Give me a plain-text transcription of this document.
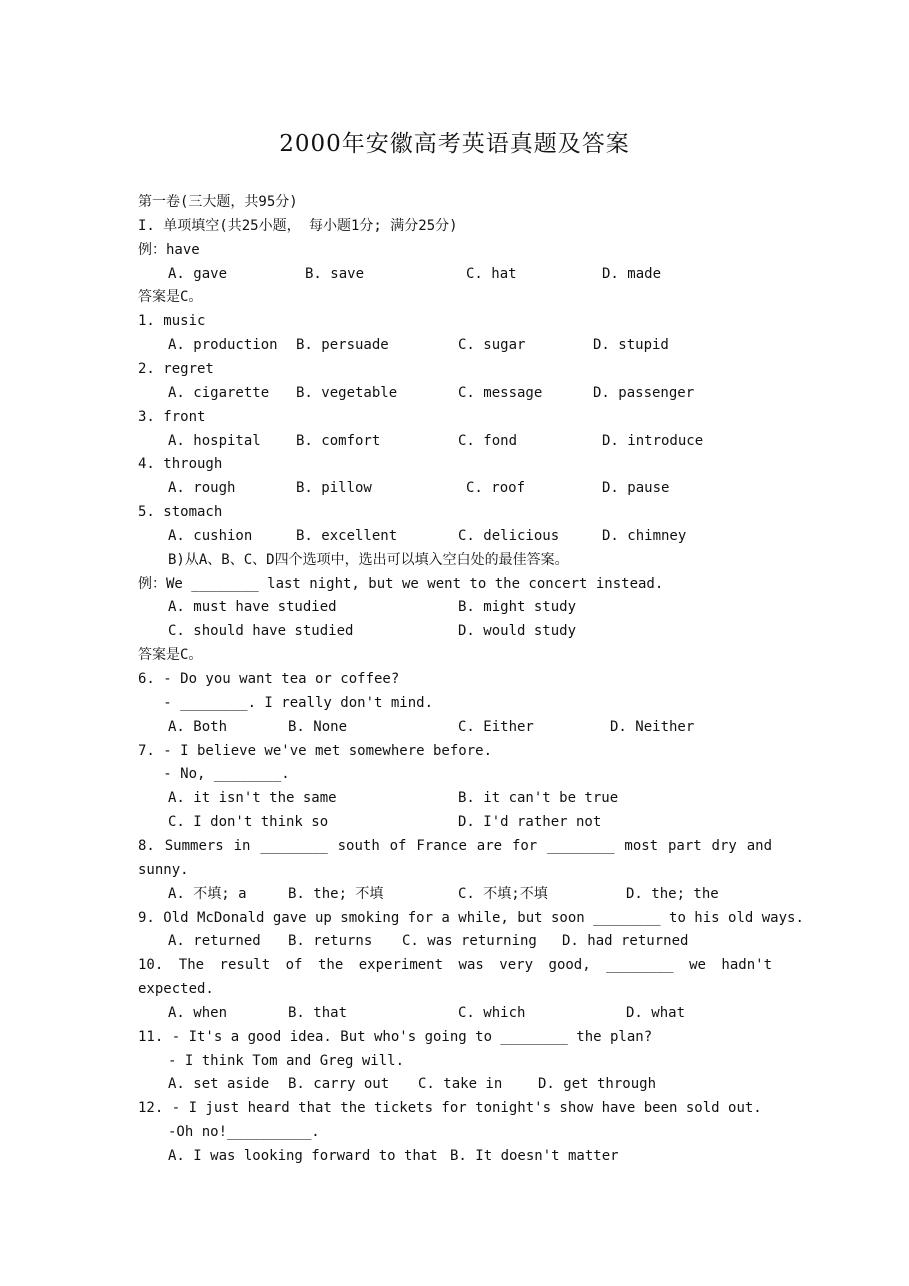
2000年安徽高考英语真题及答案
第一卷(三大题，共95分)
I. 单项填空(共25小题， 每小题1分; 满分25分)
例：have
A. gave	B. save	C. hat	D. made
答案是C。
1. music
A. production B. persuade	C. sugar	D. stupid
2. regret
A. cigarette B. vegetable	C. message	D. passenger
3. front
A. hospital	B. comfort	C. fond	D. introduce
4. through
A. rough	B. pillow	C. roof	D. pause
5. stomach
A. cushion	B. excellent	C. delicious	D. chimney
B)从A、B、C、D四个选项中，选出可以填入空白处的最佳答案。
例：We ________ last night, but we went to the concert instead.
A. must have studied	B. might study
C. should have studied	D. would study
答案是C。
6. - Do you want tea or coffee?
- ________. I really don't mind.
A. Both	B. None	C. Either	D. Neither
7. - I believe we've met somewhere before.
- No, ________.
A. it isn't the same	B. it can't be true
C. I don't think so	D. I'd rather not
8. Summers in ________ south of France are for ________ most part dry and
sunny.
A. 不填; a	B. the; 不填	C. 不填;不填	D. the; the
9. Old McDonald gave up smoking for a while, but soon ________ to his old ways.
A. returned B. returns C. was returning D. had returned
10. The result of the experiment was very good, ________ we hadn't
expected.
A. when	B. that	C. which	D. what
11. - It's a good idea. But who's going to ________ the plan?
- I think Tom and Greg will.
A. set aside B. carry out C. take in	D. get through
12. - I just heard that the tickets for tonight's show have been sold out.
-Oh no!__________.
A. I was looking forward to that B. It doesn't matter
